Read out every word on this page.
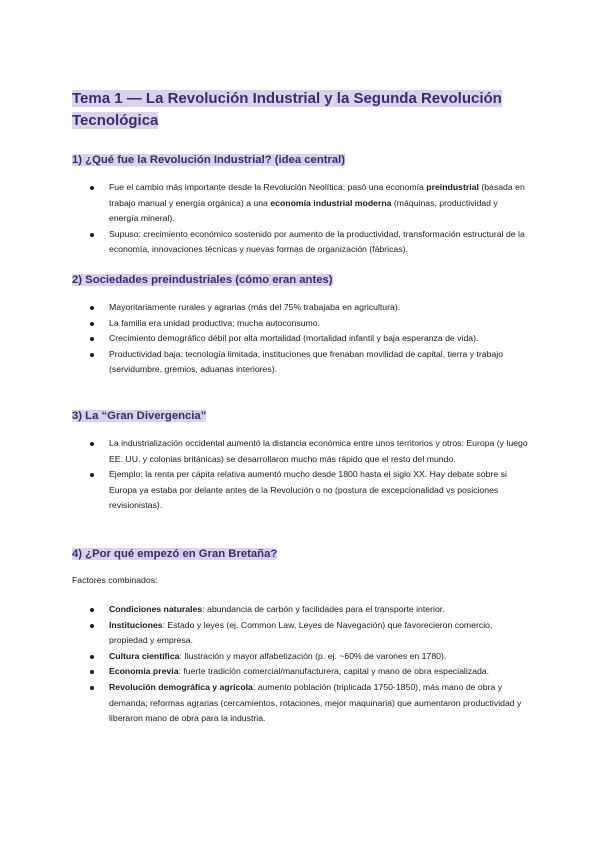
Tema 1 — La Revolución Industrial y la Segunda Revolución
Tecnológica

1) ¿Qué fue la Revolución Industrial? (idea central)
Fue el cambio más importante desde la Revolución Neolítica: pasó una economía preindustrial (basada en trabajo manual y energía orgánica) a una economía industrial moderna (máquinas, productividad y energía mineral).
Supuso: crecimiento económico sostenido por aumento de la productividad, transformación estructural de la economía, innovaciones técnicas y nuevas formas de organización (fábricas).
2) Sociedades preindustriales (cómo eran antes)
Mayoritariamente rurales y agrarias (más del 75% trabajaba en agricultura).
La familia era unidad productiva; mucha autoconsumo.
Crecimiento demográfico débil por alta mortalidad (mortalidad infantil y baja esperanza de vida).
Productividad baja: tecnología limitada, instituciones que frenaban movilidad de capital, tierra y trabajo (servidumbre, gremios, aduanas interiores).
3) La “Gran Divergencia”
La industrialización occidental aumentó la distancia económica entre unos territorios y otros: Europa (y luego EE. UU. y colonias británicas) se desarrollaron mucho más rápido que el resto del mundo.
Ejemplo: la renta per cápita relativa aumentó mucho desde 1800 hasta el siglo XX. Hay debate sobre si Europa ya estaba por delante antes de la Revolución o no (postura de excepcionalidad vs posiciones revisionistas).
4) ¿Por qué empezó en Gran Bretaña?
Factores combinados:
Condiciones naturales: abundancia de carbón y facilidades para el transporte interior.
Instituciones: Estado y leyes (ej. Common Law, Leyes de Navegación) que favorecieron comercio, propiedad y empresa.
Cultura científica: Ilustración y mayor alfabetización (p. ej. ~60% de varones en 1780).
Economía previa: fuerte tradición comercial/manufacturera, capital y mano de obra especializada.
Revolución demográfica y agrícola: aumento población (triplicada 1750-1850), más mano de obra y demanda; reformas agrarias (cercamientos, rotaciones, mejor maquinaria) que aumentaron productividad y liberaron mano de obra para la industria.
